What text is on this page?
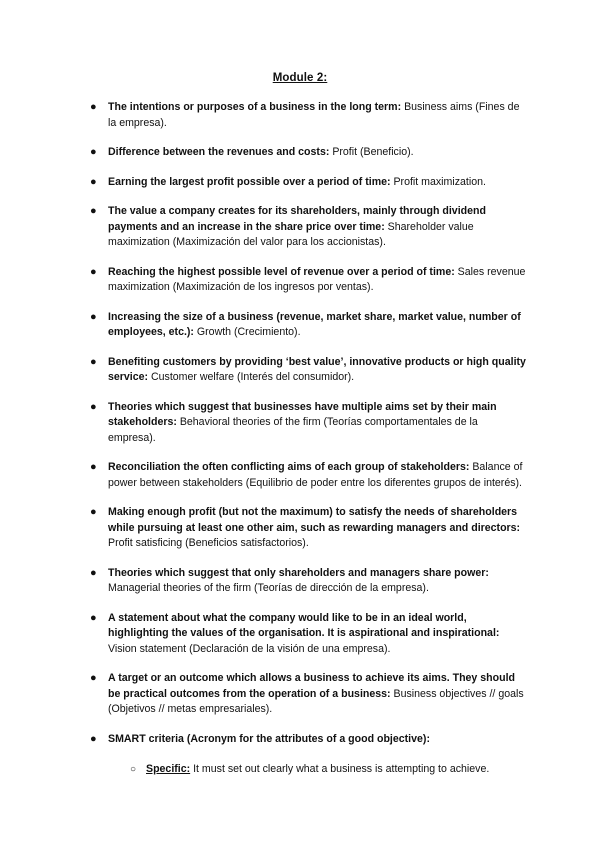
Module 2:
● The intentions or purposes of a business in the long term: Business aims (Fines de la empresa).
● Difference between the revenues and costs: Profit (Beneficio).
● Earning the largest profit possible over a period of time: Profit maximization.
● The value a company creates for its shareholders, mainly through dividend payments and an increase in the share price over time: Shareholder value maximization (Maximización del valor para los accionistas).
● Reaching the highest possible level of revenue over a period of time: Sales revenue maximization (Maximización de los ingresos por ventas).
● Increasing the size of a business (revenue, market share, market value, number of employees, etc.): Growth (Crecimiento).
● Benefiting customers by providing ‘best value’, innovative products or high quality service: Customer welfare (Interés del consumidor).
● Theories which suggest that businesses have multiple aims set by their main stakeholders: Behavioral theories of the firm (Teorías comportamentales de la empresa).
● Reconciliation the often conflicting aims of each group of stakeholders: Balance of power between stakeholders (Equilibrio de poder entre los diferentes grupos de interés).
● Making enough profit (but not the maximum) to satisfy the needs of shareholders while pursuing at least one other aim, such as rewarding managers and directors: Profit satisficing (Beneficios satisfactorios).
● Theories which suggest that only shareholders and managers share power: Managerial theories of the firm (Teorías de dirección de la empresa).
● A statement about what the company would like to be in an ideal world, highlighting the values of the organisation. It is aspirational and inspirational: Vision statement (Declaración de la visión de una empresa).
● A target or an outcome which allows a business to achieve its aims. They should be practical outcomes from the operation of a business: Business objectives // goals (Objetivos // metas empresariales).
● SMART criteria (Acronym for the attributes of a good objective):
○ Specific: It must set out clearly what a business is attempting to achieve.
